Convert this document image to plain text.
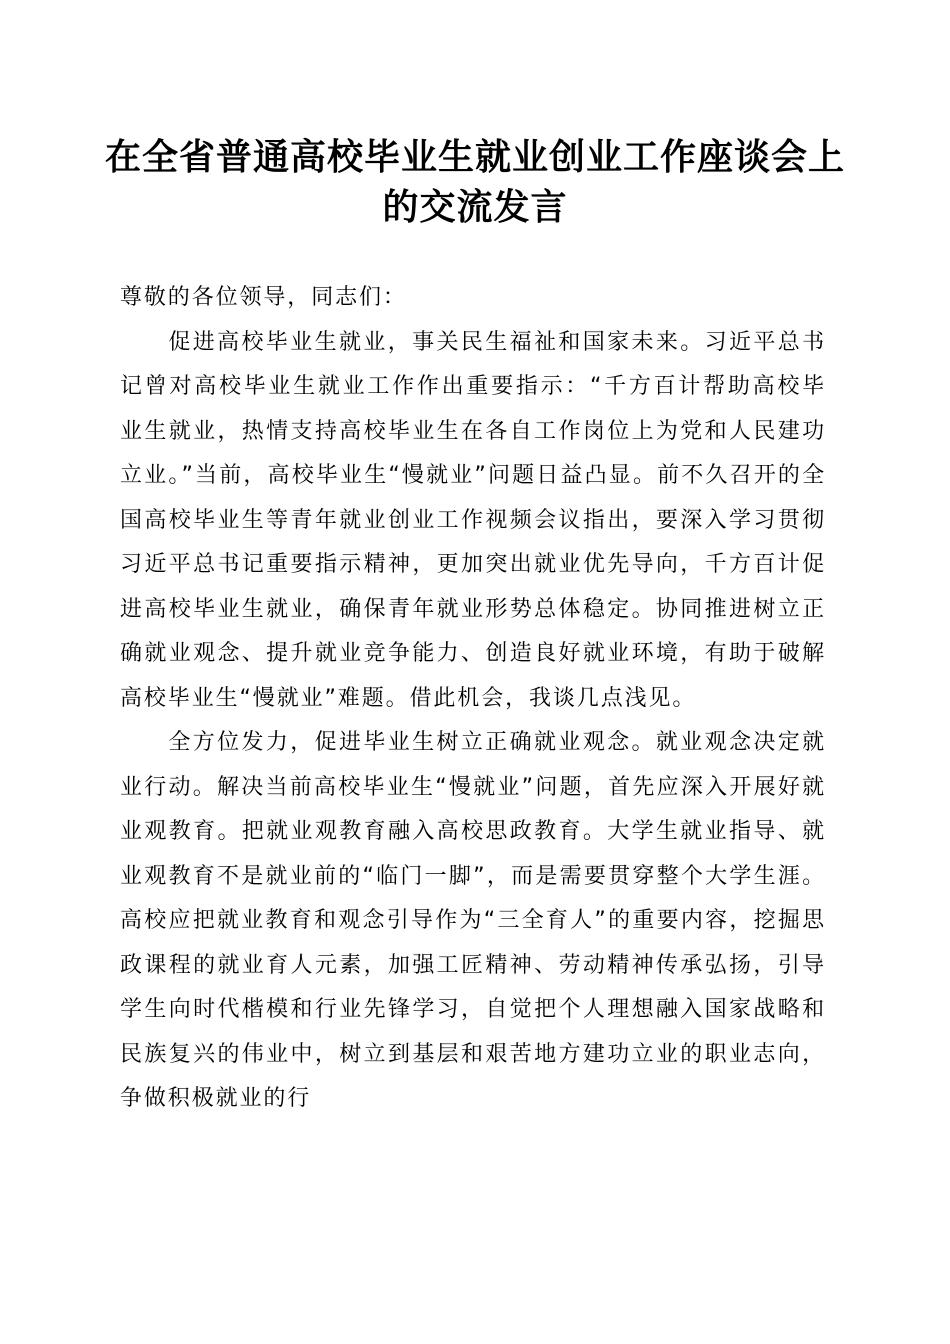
在全省普通高校毕业生就业创业工作座谈会上
的交流发言

尊敬的各位领导，同志们：

促进高校毕业生就业，事关民生福祉和国家未来。习近平总书记曾对高校毕业生就业工作作出重要指示：“千方百计帮助高校毕业生就业，热情支持高校毕业生在各自工作岗位上为党和人民建功立业。”当前，高校毕业生“慢就业”问题日益凸显。前不久召开的全国高校毕业生等青年就业创业工作视频会议指出，要深入学习贯彻习近平总书记重要指示精神，更加突出就业优先导向，千方百计促进高校毕业生就业，确保青年就业形势总体稳定。协同推进树立正确就业观念、提升就业竞争能力、创造良好就业环境，有助于破解高校毕业生“慢就业”难题。借此机会，我谈几点浅见。

全方位发力，促进毕业生树立正确就业观念。就业观念决定就业行动。解决当前高校毕业生“慢就业”问题，首先应深入开展好就业观教育。把就业观教育融入高校思政教育。大学生就业指导、就业观教育不是就业前的“临门一脚”，而是需要贯穿整个大学生涯。高校应把就业教育和观念引导作为“三全育人”的重要内容，挖掘思政课程的就业育人元素，加强工匠精神、劳动精神传承弘扬，引导学生向时代楷模和行业先锋学习，自觉把个人理想融入国家战略和民族复兴的伟业中，树立到基层和艰苦地方建功立业的职业志向，争做积极就业的行
